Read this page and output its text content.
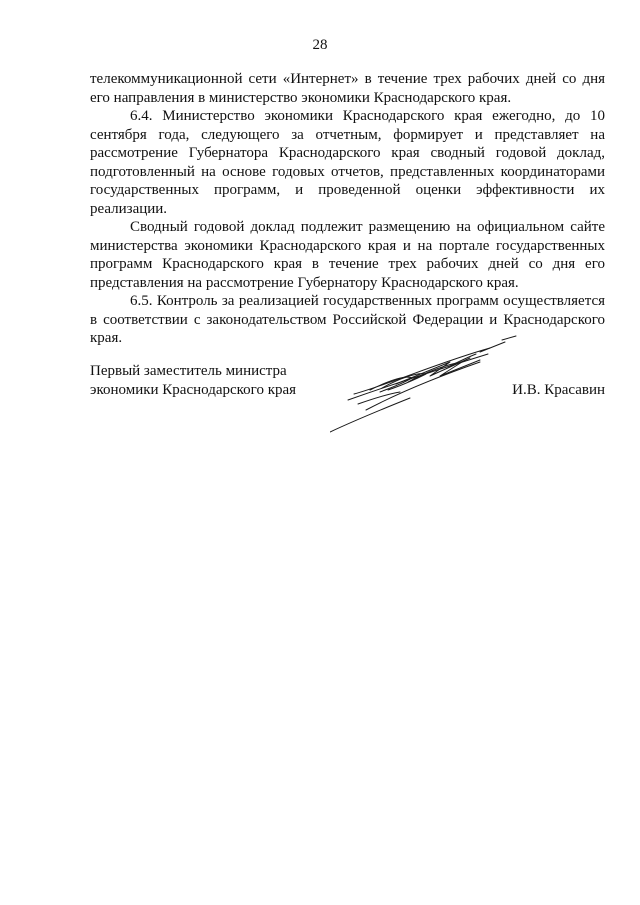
28

телекоммуникационной сети «Интернет» в течение трех рабочих дней со дня его направления в министерство экономики Краснодарского края.

6.4. Министерство экономики Краснодарского края ежегодно, до 10 сентября года, следующего за отчетным, формирует и представляет на рассмотрение Губернатора Краснодарского края сводный годовой доклад, подготовленный на основе годовых отчетов, представленных координаторами государственных программ, и проведенной оценки эффективности их реализации.

Сводный годовой доклад подлежит размещению на официальном сайте министерства экономики Краснодарского края и на портале государственных программ Краснодарского края в течение трех рабочих дней со дня его представления на рассмотрение Губернатору Краснодарского края.

6.5. Контроль за реализацией государственных программ осуществляется в соответствии с законодательством Российской Федерации и Краснодарского края.

Первый заместитель министра
экономики Краснодарского края	И.В. Красавин
